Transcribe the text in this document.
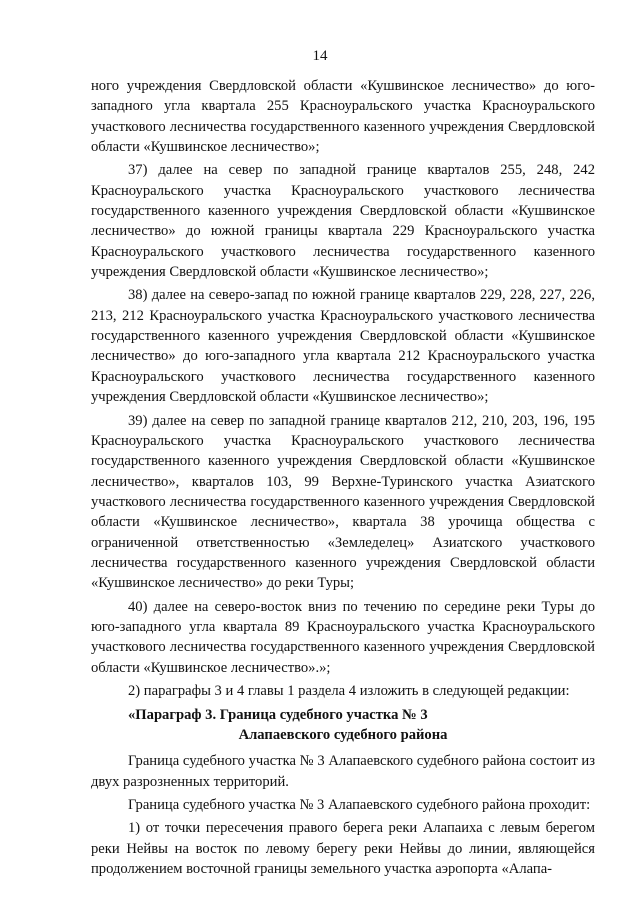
14

ного учреждения Свердловской области «Кушвинское лесничество» до юго-западного угла квартала 255 Красноуральского участка Красноуральского участкового лесничества государственного казенного учреждения Свердловской области «Кушвинское лесничество»;

37) далее на север по западной границе кварталов 255, 248, 242 Красноуральского участка Красноуральского участкового лесничества государственного казенного учреждения Свердловской области «Кушвинское лесничество» до южной границы квартала 229 Красноуральского участка Красноуральского участкового лесничества государственного казенного учреждения Свердловской области «Кушвинское лесничество»;

38) далее на северо-запад по южной границе кварталов 229, 228, 227, 226, 213, 212 Красноуральского участка Красноуральского участкового лесничества государственного казенного учреждения Свердловской области «Кушвинское лесничество» до юго-западного угла квартала 212 Красноуральского участка Красноуральского участкового лесничества государственного казенного учреждения Свердловской области «Кушвинское лесничество»;

39) далее на север по западной границе кварталов 212, 210, 203, 196, 195 Красноуральского участка Красноуральского участкового лесничества государственного казенного учреждения Свердловской области «Кушвинское лесничество», кварталов 103, 99 Верхне-Туринского участка Азиатского участкового лесничества государственного казенного учреждения Свердловской области «Кушвинское лесничество», квартала 38 урочища общества с ограниченной ответственностью «Земледелец» Азиатского участкового лесничества государственного казенного учреждения Свердловской области «Кушвинское лесничество» до реки Туры;

40) далее на северо-восток вниз по течению по середине реки Туры до юго-западного угла квартала 89 Красноуральского участка Красноуральского участкового лесничества государственного казенного учреждения Свердловской области «Кушвинское лесничество».»;

2) параграфы 3 и 4 главы 1 раздела 4 изложить в следующей редакции:

«Параграф 3. Граница судебного участка № 3
Алапаевского судебного района

Граница судебного участка № 3 Алапаевского судебного района состоит из двух разрозненных территорий.

Граница судебного участка № 3 Алапаевского судебного района проходит:

1) от точки пересечения правого берега реки Алапаиха с левым берегом реки Нейвы на восток по левому берегу реки Нейвы до линии, являющейся продолжением восточной границы земельного участка аэропорта «Алапа-
